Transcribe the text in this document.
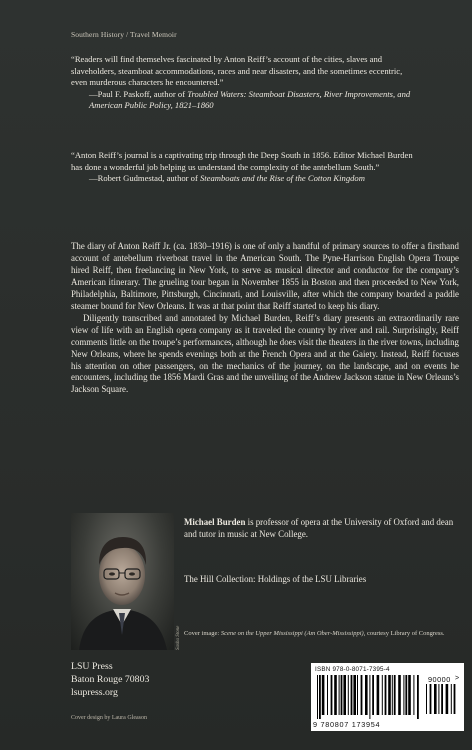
Southern History / Travel Memoir

“Readers will find themselves fascinated by Anton Reiff’s account of the cities, slaves and slaveholders, steamboat accommodations, races and near disasters, and the sometimes eccentric, even murderous characters he encountered.”

—Paul F. Paskoff, author of Troubled Waters: Steamboat Disasters, River Improvements, and American Public Policy, 1821–1860

“Anton Reiff’s journal is a captivating trip through the Deep South in 1856. Editor Michael Burden has done a wonderful job helping us understand the complexity of the antebellum South.”

—Robert Gudmestad, author of Steamboats and the Rise of the Cotton Kingdom

The diary of Anton Reiff Jr. (ca. 1830–1916) is one of only a handful of primary sources to offer a firsthand account of antebellum riverboat travel in the American South. The Pyne-Harrison English Opera Troupe hired Reiff, then freelancing in New York, to serve as musical director and conductor for the company’s American itinerary. The grueling tour began in November 1855 in Boston and then proceeded to New York, Philadelphia, Baltimore, Pittsburgh, Cincinnati, and Louisville, after which the company boarded a paddle steamer bound for New Orleans. It was at that point that Reiff started to keep his diary.

Diligently transcribed and annotated by Michael Burden, Reiff’s diary presents an extraordinarily rare view of life with an English opera company as it traveled the country by river and rail. Surprisingly, Reiff comments little on the troupe’s performances, although he does visit the theaters in the river towns, including New Orleans, where he spends evenings both at the French Opera and at the Gaiety. Instead, Reiff focuses his attention on other passengers, on the mechanics of the journey, on the landscape, and on events he encounters, including the 1856 Mardi Gras and the unveiling of the Andrew Jackson statue in New Orleans’s Jackson Square.

Sasha Stone
Michael Burden is professor of opera at the University of Oxford and dean and tutor in music at New College.
The Hill Collection: Holdings of the LSU Libraries
Cover image: Scene on the Upper Mississippi (Am Ober-Mississippi), courtesy Library of Congress.
LSU Press
Baton Rouge 70803
lsupress.org
Cover design by Laura Gleason
ISBN 978-0-8071-7395-4
9 780807 173954
90000 >
